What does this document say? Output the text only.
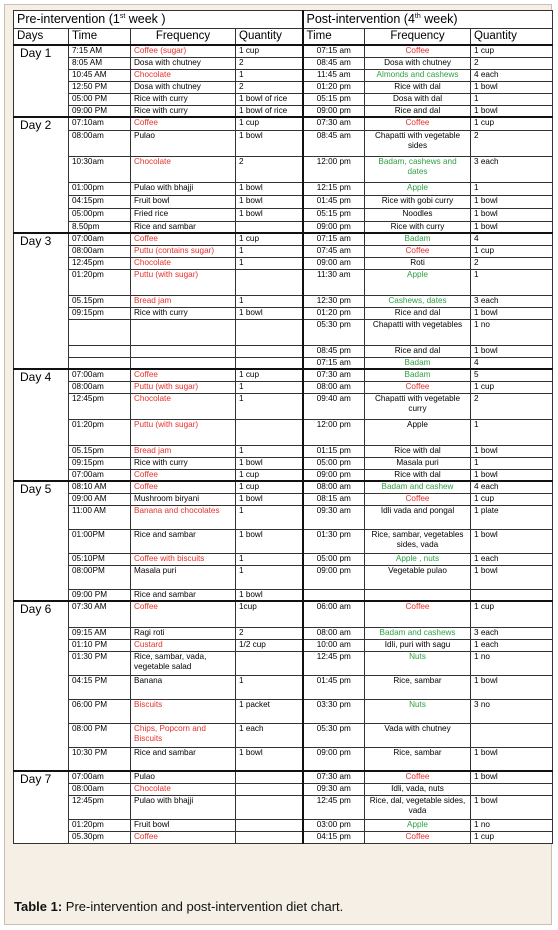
Pre-intervention (1st week )				Post-intervention (4th week)		
Days	Time	Frequency	Quantity	Time	Frequency	Quantity
Day 1	7:15 AM	Coffee (sugar)	1 cup	07:15 am	Coffee	1 cup
	8:05 AM	Dosa with chutney	2	08:45 am	Dosa with chutney	2
	10:45 AM	Chocolate	1	11:45 am	Almonds and cashews	4 each
	12:50 PM	Dosa with chutney	2	01:20 pm	Rice with dal	1 bowl
	05:00 PM	Rice with curry	1 bowl of rice	05:15 pm	Dosa with dal	1
	09:00 PM	Rice with curry	1 bowl of rice	09:00 pm	Rice and dal	1 bowl
Day 2	07:10am	Coffee	1 cup	07:30 am	Coffee	1 cup
	08:00am	Pulao	1 bowl	08:45 am	Chapatti with vegetable sides	2
	10:30am	Chocolate	2	12:00 pm	Badam, cashews and dates	3 each
	01:00pm	Pulao with bhajji	1 bowl	12:15 pm	Apple	1
	04:15pm	Fruit bowl	1 bowl	01:45 pm	Rice with gobi curry	1 bowl
	05:00pm	Fried rice	1 bowl	05:15 pm	Noodles	1 bowl
	8.50pm	Rice and sambar		09:00 pm	Rice with curry	1 bowl
Day 3	07:00am	Coffee	1 cup	07:15 am	Badam	4
	08:00am	Puttu (contains sugar)	1	07:45 am	Coffee	1 cup
	12:45pm	Chocolate	1	09:00 am	Roti	2
	01:20pm	Puttu (with sugar)		11:30 am	Apple	1
	05.15pm	Bread jam	1	12:30 pm	Cashews, dates	3 each
	09:15pm	Rice with curry	1 bowl	01:20 pm	Rice and dal	1 bowl
				05:30 pm	Chapatti with vegetables	1 no
				08:45 pm	Rice and dal	1 bowl
				07:15 am	Badam	4
Day 4	07:00am	Coffee	1 cup	07:30 am	Badam	5
	08:00am	Puttu (with sugar)	1	08:00 am	Coffee	1 cup
	12:45pm	Chocolate	1	09:40 am	Chapatti with vegetable curry	2
	01:20pm	Puttu (with sugar)		12:00 pm	Apple	1
	05.15pm	Bread jam	1	01:15 pm	Rice with dal	1 bowl
	09:15pm	Rice with curry	1 bowl	05:00 pm	Masala puri	1
	07:00am	Coffee	1 cup	09:00 pm	Rice with dal	1 bowl
Day 5	08:10 AM	Coffee	1 cup	08:00 am	Badam and cashew	4 each
	09:00 AM	Mushroom biryani	1 bowl	08:15 am	Coffee	1 cup
	11:00 AM	Banana and chocolates	1	09:30 am	Idli vada and pongal	1 plate
	01:00PM	Rice and sambar	1 bowl	01:30 pm	Rice, sambar, vegetables sides, vada	1 bowl
	05:10PM	Coffee with biscuits	1	05:00 pm	Apple , nuts	1 each
	08:00PM	Masala puri	1	09:00 pm	Vegetable pulao	1 bowl
	09:00 PM	Rice and sambar	1 bowl			
Day 6	07:30 AM	Coffee	1cup	06:00 am	Coffee	1 cup
	09:15 AM	Ragi roti	2	08:00 am	Badam and cashews	3 each
	01:10 PM	Custard	1/2 cup	10:00 am	Idli, puri with sagu	1 each
	01:30 PM	Rice, sambar, vada, vegetable salad		12:45 pm	Nuts	1 no
	04:15 PM	Banana	1	01:45 pm	Rice, sambar	1 bowl
	06:00 PM	Biscuits	1 packet	03:30 pm	Nuts	3 no
	08:00 PM	Chips, Popcorn and Biscuits	1 each	05:30 pm	Vada with chutney	
	10:30 PM	Rice and sambar	1 bowl	09:00 pm	Rice, sambar	1 bowl
Day 7	07:00am	Pulao		07:30 am	Coffee	1 bowl
	08:00am	Chocolate		09:30 am	Idli, vada, nuts	
	12:45pm	Pulao with bhajji		12:45 pm	Rice, dal, vegetable sides, vada	1 bowl
	01:20pm	Fruit bowl		03:00 pm	Apple	1 no
	05.30pm	Coffee		04:15 pm	Coffee	1 cup
Table 1: Pre-intervention and post-intervention diet chart.
